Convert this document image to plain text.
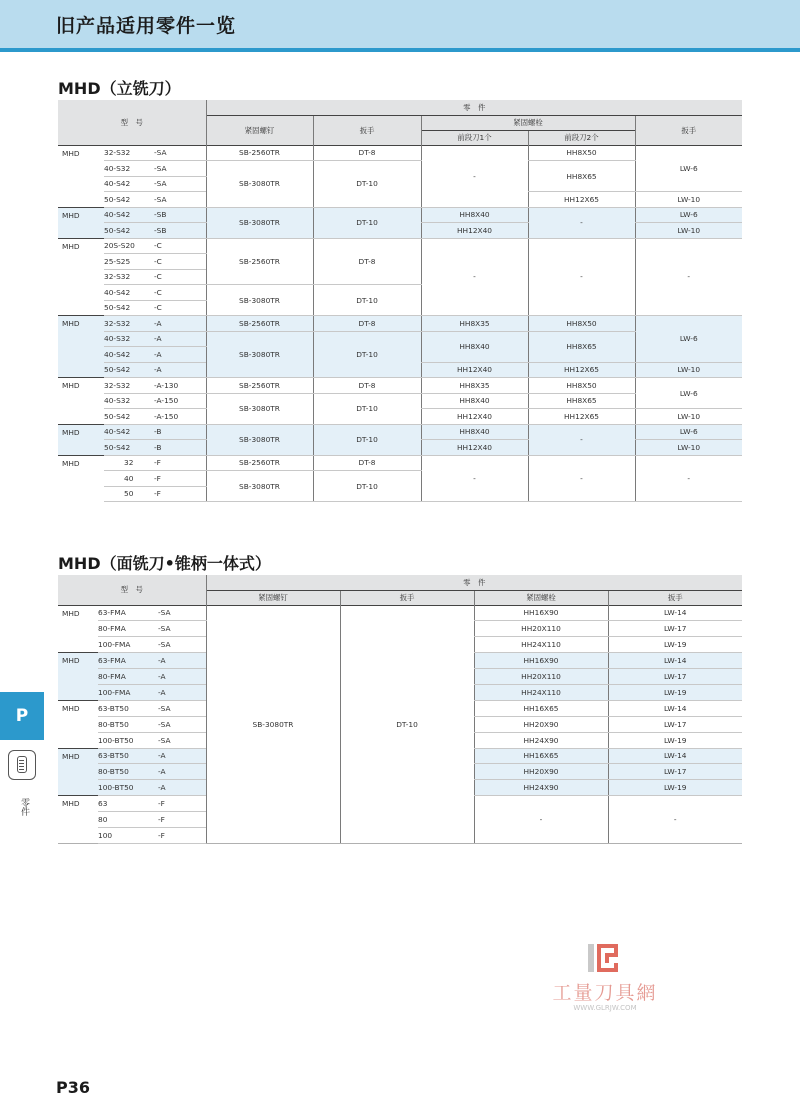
旧产品适用零件一览
MHD（立铣刀）
型　号			零　件				
			紧固螺钉	扳手	紧固螺栓		扳手
					前段刀1个	前段刀2个	
MHD	32-S32	-SA	SB-2560TR	DT-8	-	HH8X50	LW-6
	40-S32	-SA	SB-3080TR	DT-10		HH8X65	
	40-S42	-SA					
	50-S42	-SA				HH12X65	LW-10
MHD	40-S42	-SB	SB-3080TR	DT-10	HH8X40	-	LW-6
	50-S42	-SB			HH12X40		LW-10
MHD	20S-S20	-C	SB-2560TR	DT-8	-	-	-
	25-S25	-C					
	32-S32	-C					
	40-S42	-C	SB-3080TR	DT-10			
	50-S42	-C					
MHD	32-S32	-A	SB-2560TR	DT-8	HH8X35	HH8X50	LW-6
	40-S32	-A	SB-3080TR	DT-10	HH8X40	HH8X65	
	40-S42	-A					
	50-S42	-A			HH12X40	HH12X65	LW-10
MHD	32-S32	-A-130	SB-2560TR	DT-8	HH8X35	HH8X50	LW-6
	40-S32	-A-150	SB-3080TR	DT-10	HH8X40	HH8X65	
	50-S42	-A-150			HH12X40	HH12X65	LW-10
MHD	40-S42	-B	SB-3080TR	DT-10	HH8X40	-	LW-6
	50-S42	-B			HH12X40		LW-10
MHD	32	-F	SB-2560TR	DT-8	-	-	-
	40	-F	SB-3080TR	DT-10			
	50	-F					
MHD（面铣刀•锥柄一体式）
型　号			零　件			
			紧固螺钉	扳手	紧固螺栓	扳手
MHD	63-FMA	-SA	SB-3080TR	DT-10	HH16X90	LW-14
	80-FMA	-SA			HH20X110	LW-17
	100-FMA	-SA			HH24X110	LW-19
MHD	63-FMA	-A			HH16X90	LW-14
	80-FMA	-A			HH20X110	LW-17
	100-FMA	-A			HH24X110	LW-19
MHD	63-BT50	-SA			HH16X65	LW-14
	80-BT50	-SA			HH20X90	LW-17
	100-BT50	-SA			HH24X90	LW-19
MHD	63-BT50	-A			HH16X65	LW-14
	80-BT50	-A			HH20X90	LW-17
	100-BT50	-A			HH24X90	LW-19
MHD	63	-F			-	-
	80	-F				
	100	-F				
P
零件
P36
工量刀具網
WWW.GLRJW.COM
